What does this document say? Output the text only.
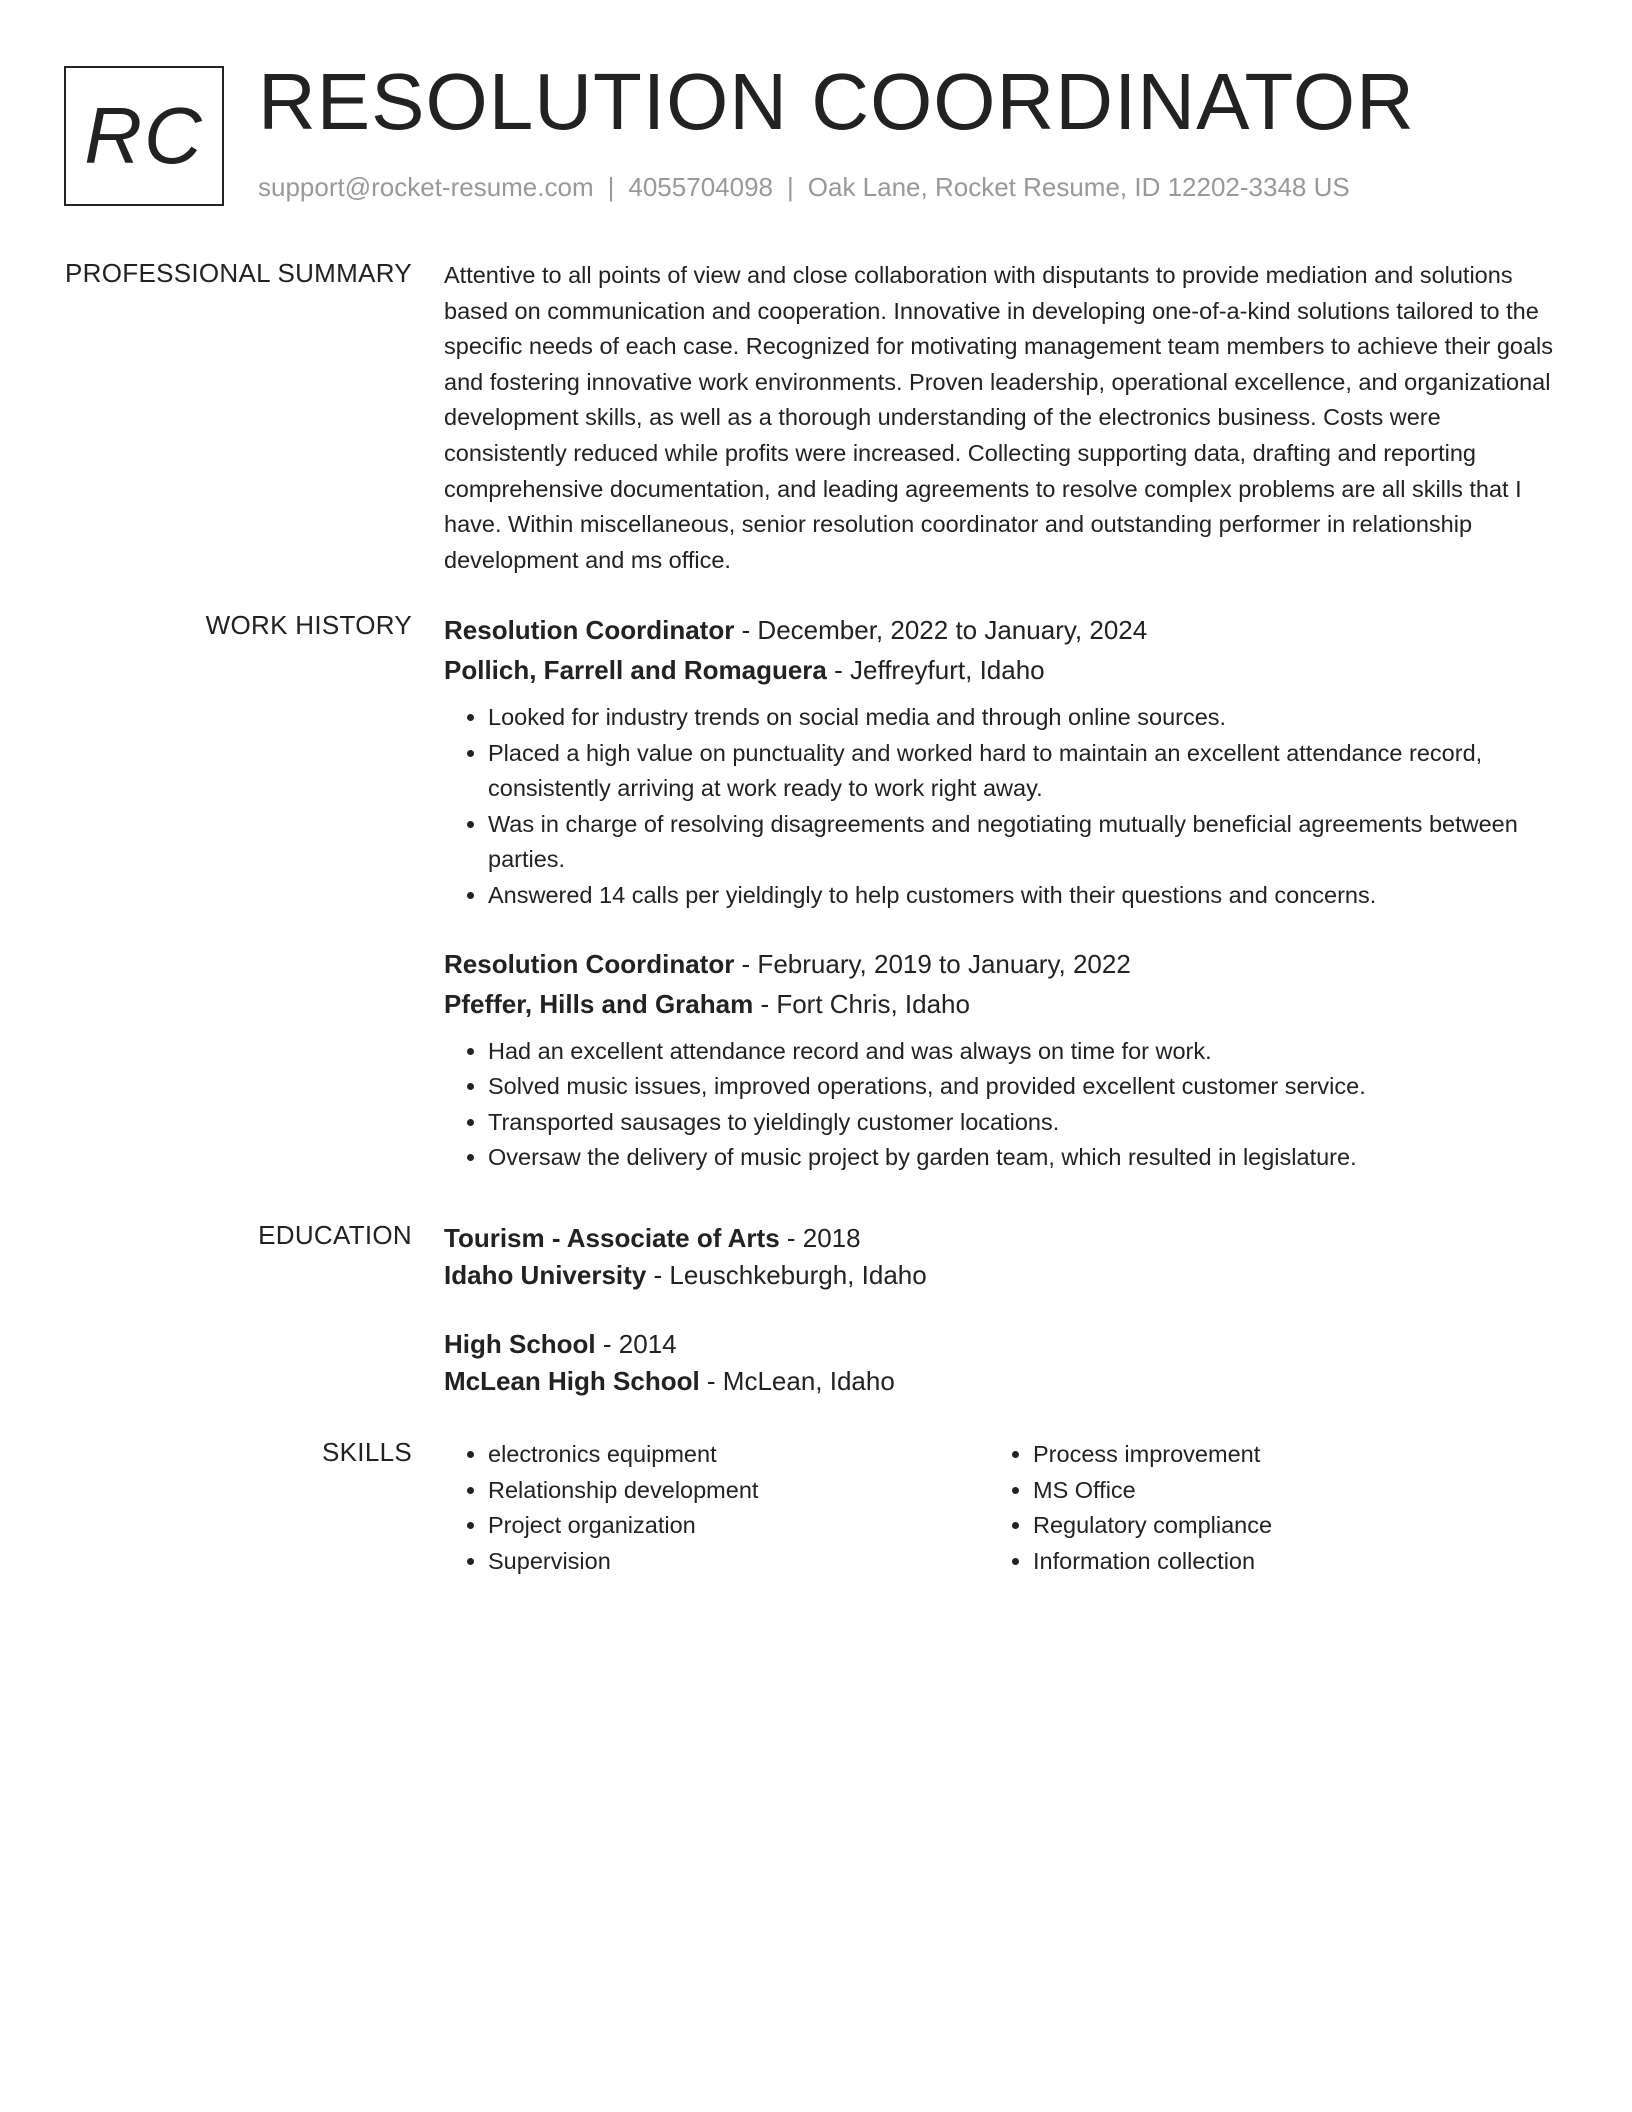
RC RESOLUTION COORDINATOR
support@rocket-resume.com | 4055704098 | Oak Lane, Rocket Resume, ID 12202-3348 US
PROFESSIONAL SUMMARY Attentive to all points of view and close collaboration with disputants to provide mediation and solutions based on communication and cooperation. Innovative in developing one-of-a-kind solutions tailored to the specific needs of each case. Recognized for motivating management team members to achieve their goals and fostering innovative work environments. Proven leadership, operational excellence, and organizational development skills, as well as a thorough understanding of the electronics business. Costs were consistently reduced while profits were increased. Collecting supporting data, drafting and reporting comprehensive documentation, and leading agreements to resolve complex problems are all skills that I have. Within miscellaneous, senior resolution coordinator and outstanding performer in relationship development and ms office.

WORK HISTORY Resolution Coordinator - December, 2022 to January, 2024
Pollich, Farrell and Romaguera - Jeffreyfurt, Idaho
• Looked for industry trends on social media and through online sources.
• Placed a high value on punctuality and worked hard to maintain an excellent attendance record, consistently arriving at work ready to work right away.
• Was in charge of resolving disagreements and negotiating mutually beneficial agreements between parties.
• Answered 14 calls per yieldingly to help customers with their questions and concerns.
Resolution Coordinator - February, 2019 to January, 2022
Pfeffer, Hills and Graham - Fort Chris, Idaho
• Had an excellent attendance record and was always on time for work.
• Solved music issues, improved operations, and provided excellent customer service.
• Transported sausages to yieldingly customer locations.
• Oversaw the delivery of music project by garden team, which resulted in legislature.
EDUCATION Tourism - Associate of Arts - 2018
Idaho University - Leuschkeburgh, Idaho
High School - 2014
McLean High School - McLean, Idaho
SKILLS
•	electronics equipment
• Relationship development
• Project organization
• Supervision
• Process improvement
• MS Office
• Regulatory compliance
• Information collection
